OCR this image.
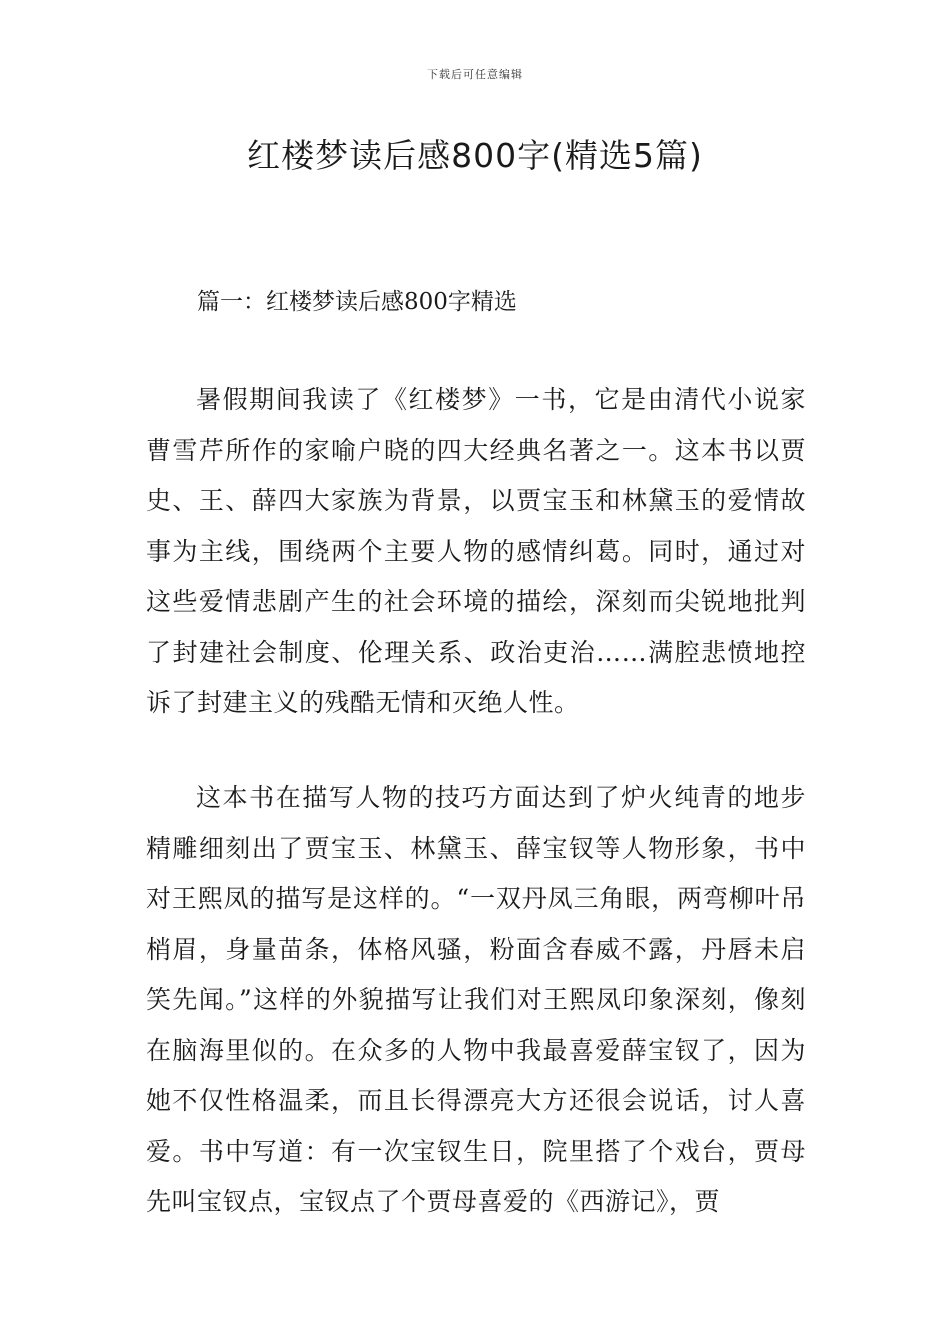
下载后可任意编辑
红楼梦读后感800字(精选5篇)
篇一：红楼梦读后感800字精选

暑假期间我读了《红楼梦》一书，它是由清代小说家曹雪芹所作的家喻户晓的四大经典名著之一。这本书以贾史、王、薛四大家族为背景，以贾宝玉和林黛玉的爱情故事为主线，围绕两个主要人物的感情纠葛。同时，通过对这些爱情悲剧产生的社会环境的描绘，深刻而尖锐地批判了封建社会制度、伦理关系、政治吏治……满腔悲愤地控诉了封建主义的残酷无情和灭绝人性。

这本书在描写人物的技巧方面达到了炉火纯青的地步精雕细刻出了贾宝玉、林黛玉、薛宝钗等人物形象，书中对王熙凤的描写是这样的。“一双丹凤三角眼，两弯柳叶吊梢眉，身量苗条，体格风骚，粉面含春威不露，丹唇未启笑先闻。”这样的外貌描写让我们对王熙凤印象深刻，像刻在脑海里似的。在众多的人物中我最喜爱薛宝钗了，因为她不仅性格温柔，而且长得漂亮大方还很会说话，讨人喜爱。书中写道：有一次宝钗生日，院里搭了个戏台，贾母先叫宝钗点，宝钗点了个贾母喜爱的《西游记》，贾
